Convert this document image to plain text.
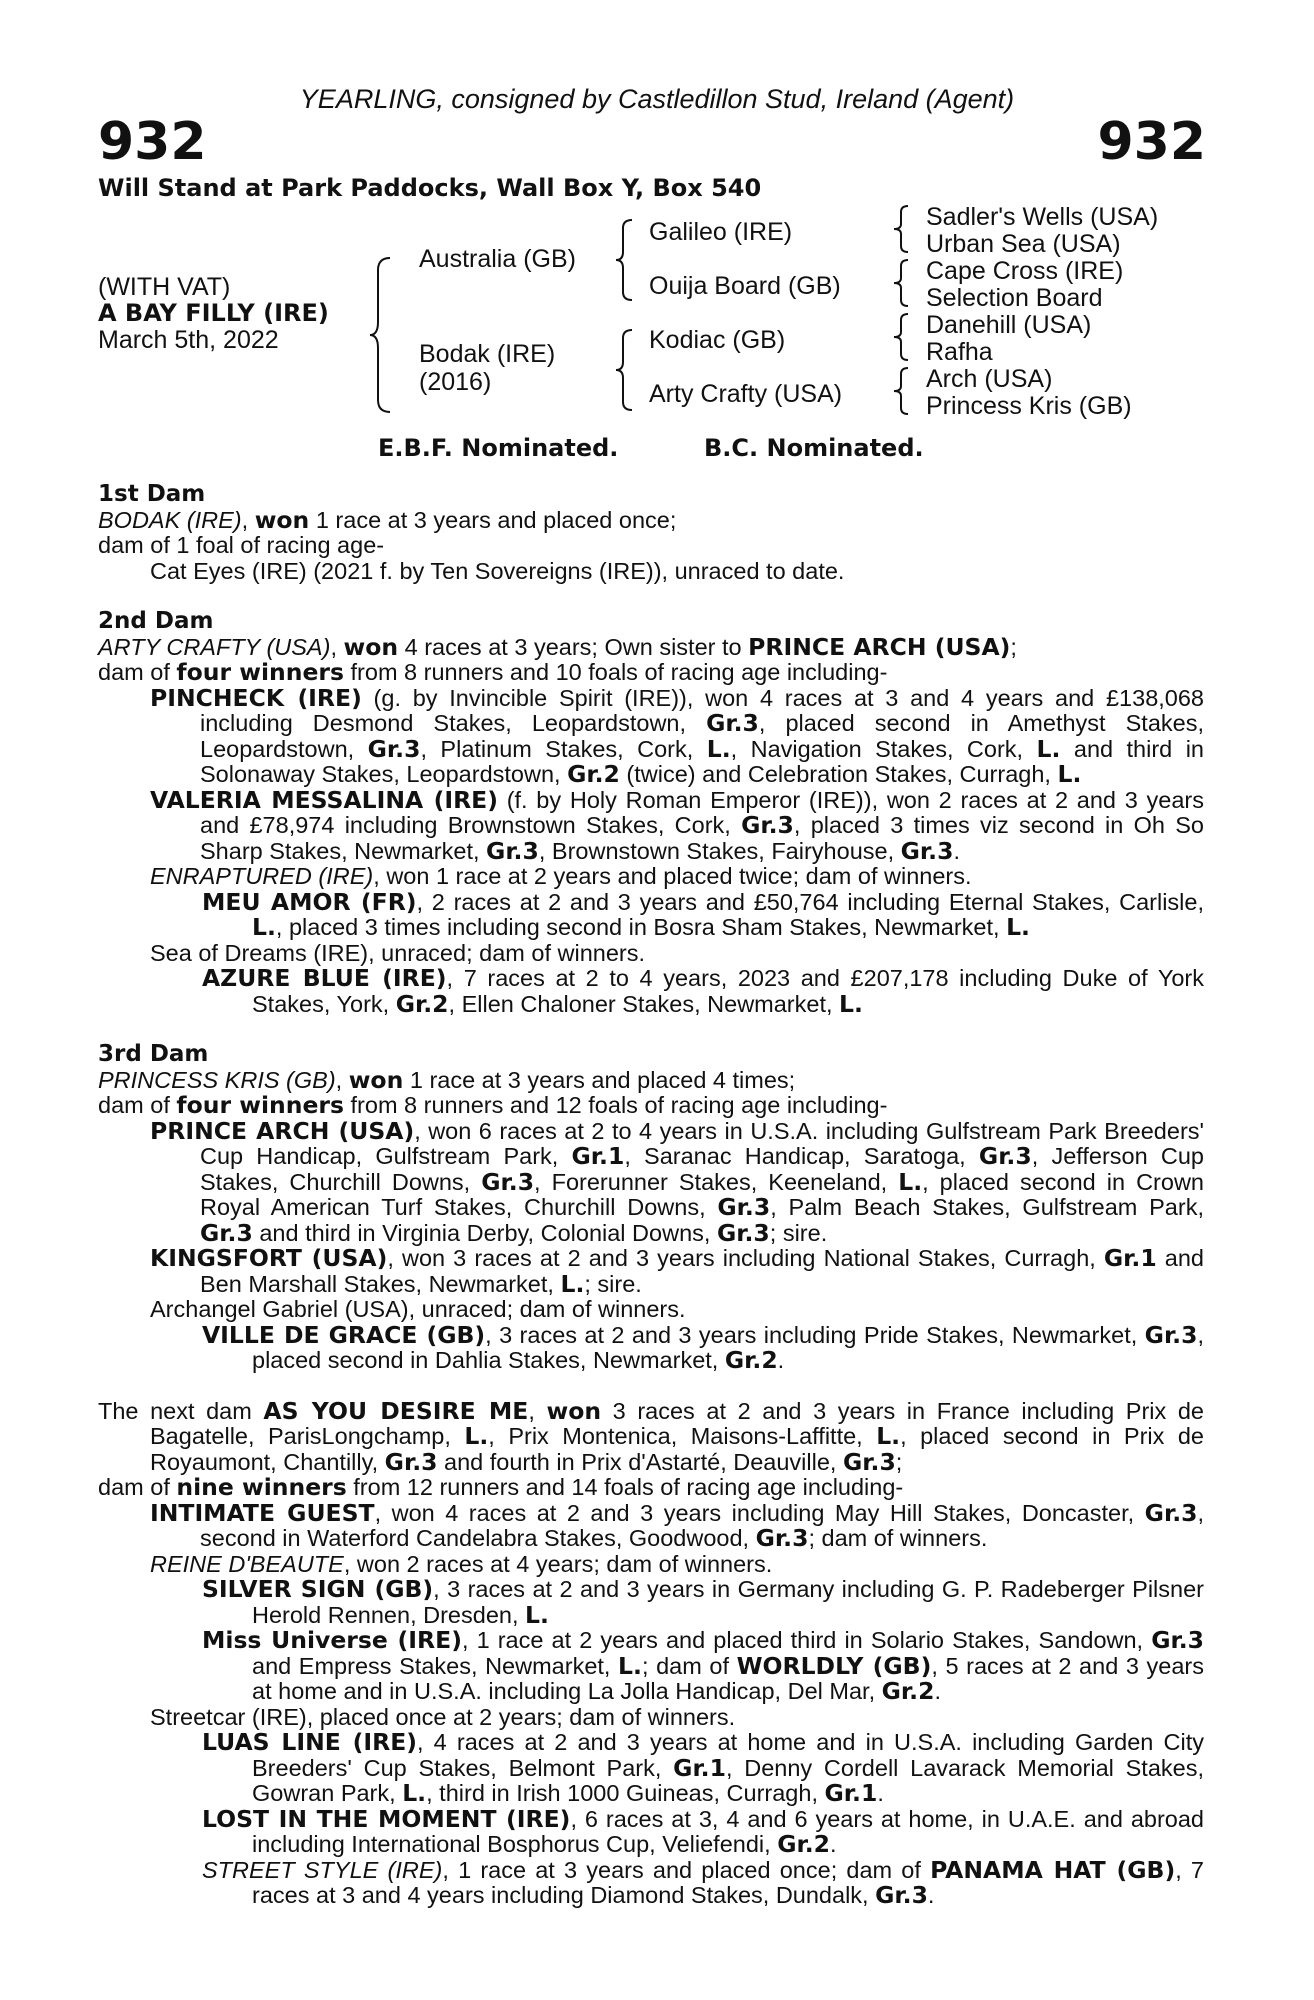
YEARLING, consigned by Castledillon Stud, Ireland (Agent)
932	932
Will Stand at Park Paddocks, Wall Box Y, Box 540
(WITH VAT)
A BAY FILLY (IRE)
March 5th, 2022
Australia (GB)
Bodak (IRE)
(2016)
Galileo (IRE)
Ouija Board (GB)
Kodiac (GB)
Arty Crafty (USA)
Sadler's Wells (USA)
Urban Sea (USA)
Cape Cross (IRE)
Selection Board
Danehill (USA)
Rafha
Arch (USA)
Princess Kris (GB)
E.B.F. Nominated.	B.C. Nominated.

1st Dam

BODAK (IRE), won 1 race at 3 years and placed once;

dam of 1 foal of racing age-

Cat Eyes (IRE) (2021 f. by Ten Sovereigns (IRE)), unraced to date.

2nd Dam

ARTY CRAFTY (USA), won 4 races at 3 years; Own sister to PRINCE ARCH (USA);

dam of four winners from 8 runners and 10 foals of racing age including-

PINCHECK (IRE) (g. by Invincible Spirit (IRE)), won 4 races at 3 and 4 years and £138,068 including Desmond Stakes, Leopardstown, Gr.3, placed second in Amethyst Stakes, Leopardstown, Gr.3, Platinum Stakes, Cork, L., Navigation Stakes, Cork, L. and third in Solonaway Stakes, Leopardstown, Gr.2 (twice) and Celebration Stakes, Curragh, L.

VALERIA MESSALINA (IRE) (f. by Holy Roman Emperor (IRE)), won 2 races at 2 and 3 years and £78,974 including Brownstown Stakes, Cork, Gr.3, placed 3 times viz second in Oh So Sharp Stakes, Newmarket, Gr.3, Brownstown Stakes, Fairyhouse, Gr.3.

ENRAPTURED (IRE), won 1 race at 2 years and placed twice; dam of winners.

MEU AMOR (FR), 2 races at 2 and 3 years and £50,764 including Eternal Stakes, Carlisle, L., placed 3 times including second in Bosra Sham Stakes, Newmarket, L.

Sea of Dreams (IRE), unraced; dam of winners.

AZURE BLUE (IRE), 7 races at 2 to 4 years, 2023 and £207,178 including Duke of York Stakes, York, Gr.2, Ellen Chaloner Stakes, Newmarket, L.

3rd Dam

PRINCESS KRIS (GB), won 1 race at 3 years and placed 4 times;

dam of four winners from 8 runners and 12 foals of racing age including-

PRINCE ARCH (USA), won 6 races at 2 to 4 years in U.S.A. including Gulfstream Park Breeders' Cup Handicap, Gulfstream Park, Gr.1, Saranac Handicap, Saratoga, Gr.3, Jefferson Cup Stakes, Churchill Downs, Gr.3, Forerunner Stakes, Keeneland, L., placed second in Crown Royal American Turf Stakes, Churchill Downs, Gr.3, Palm Beach Stakes, Gulfstream Park, Gr.3 and third in Virginia Derby, Colonial Downs, Gr.3; sire.

KINGSFORT (USA), won 3 races at 2 and 3 years including National Stakes, Curragh, Gr.1 and Ben Marshall Stakes, Newmarket, L.; sire.

Archangel Gabriel (USA), unraced; dam of winners.

VILLE DE GRACE (GB), 3 races at 2 and 3 years including Pride Stakes, Newmarket, Gr.3, placed second in Dahlia Stakes, Newmarket, Gr.2.

The next dam AS YOU DESIRE ME, won 3 races at 2 and 3 years in France including Prix de Bagatelle, ParisLongchamp, L., Prix Montenica, Maisons-Laffitte, L., placed second in Prix de Royaumont, Chantilly, Gr.3 and fourth in Prix d'Astarté, Deauville, Gr.3;

dam of nine winners from 12 runners and 14 foals of racing age including-

INTIMATE GUEST, won 4 races at 2 and 3 years including May Hill Stakes, Doncaster, Gr.3, second in Waterford Candelabra Stakes, Goodwood, Gr.3; dam of winners.

REINE D'BEAUTE, won 2 races at 4 years; dam of winners.

SILVER SIGN (GB), 3 races at 2 and 3 years in Germany including G. P. Radeberger Pilsner Herold Rennen, Dresden, L.

Miss Universe (IRE), 1 race at 2 years and placed third in Solario Stakes, Sandown, Gr.3 and Empress Stakes, Newmarket, L.; dam of WORLDLY (GB), 5 races at 2 and 3 years at home and in U.S.A. including La Jolla Handicap, Del Mar, Gr.2.

Streetcar (IRE), placed once at 2 years; dam of winners.

LUAS LINE (IRE), 4 races at 2 and 3 years at home and in U.S.A. including Garden City Breeders' Cup Stakes, Belmont Park, Gr.1, Denny Cordell Lavarack Memorial Stakes, Gowran Park, L., third in Irish 1000 Guineas, Curragh, Gr.1.

LOST IN THE MOMENT (IRE), 6 races at 3, 4 and 6 years at home, in U.A.E. and abroad including International Bosphorus Cup, Veliefendi, Gr.2.

STREET STYLE (IRE), 1 race at 3 years and placed once; dam of PANAMA HAT (GB), 7 races at 3 and 4 years including Diamond Stakes, Dundalk, Gr.3.
